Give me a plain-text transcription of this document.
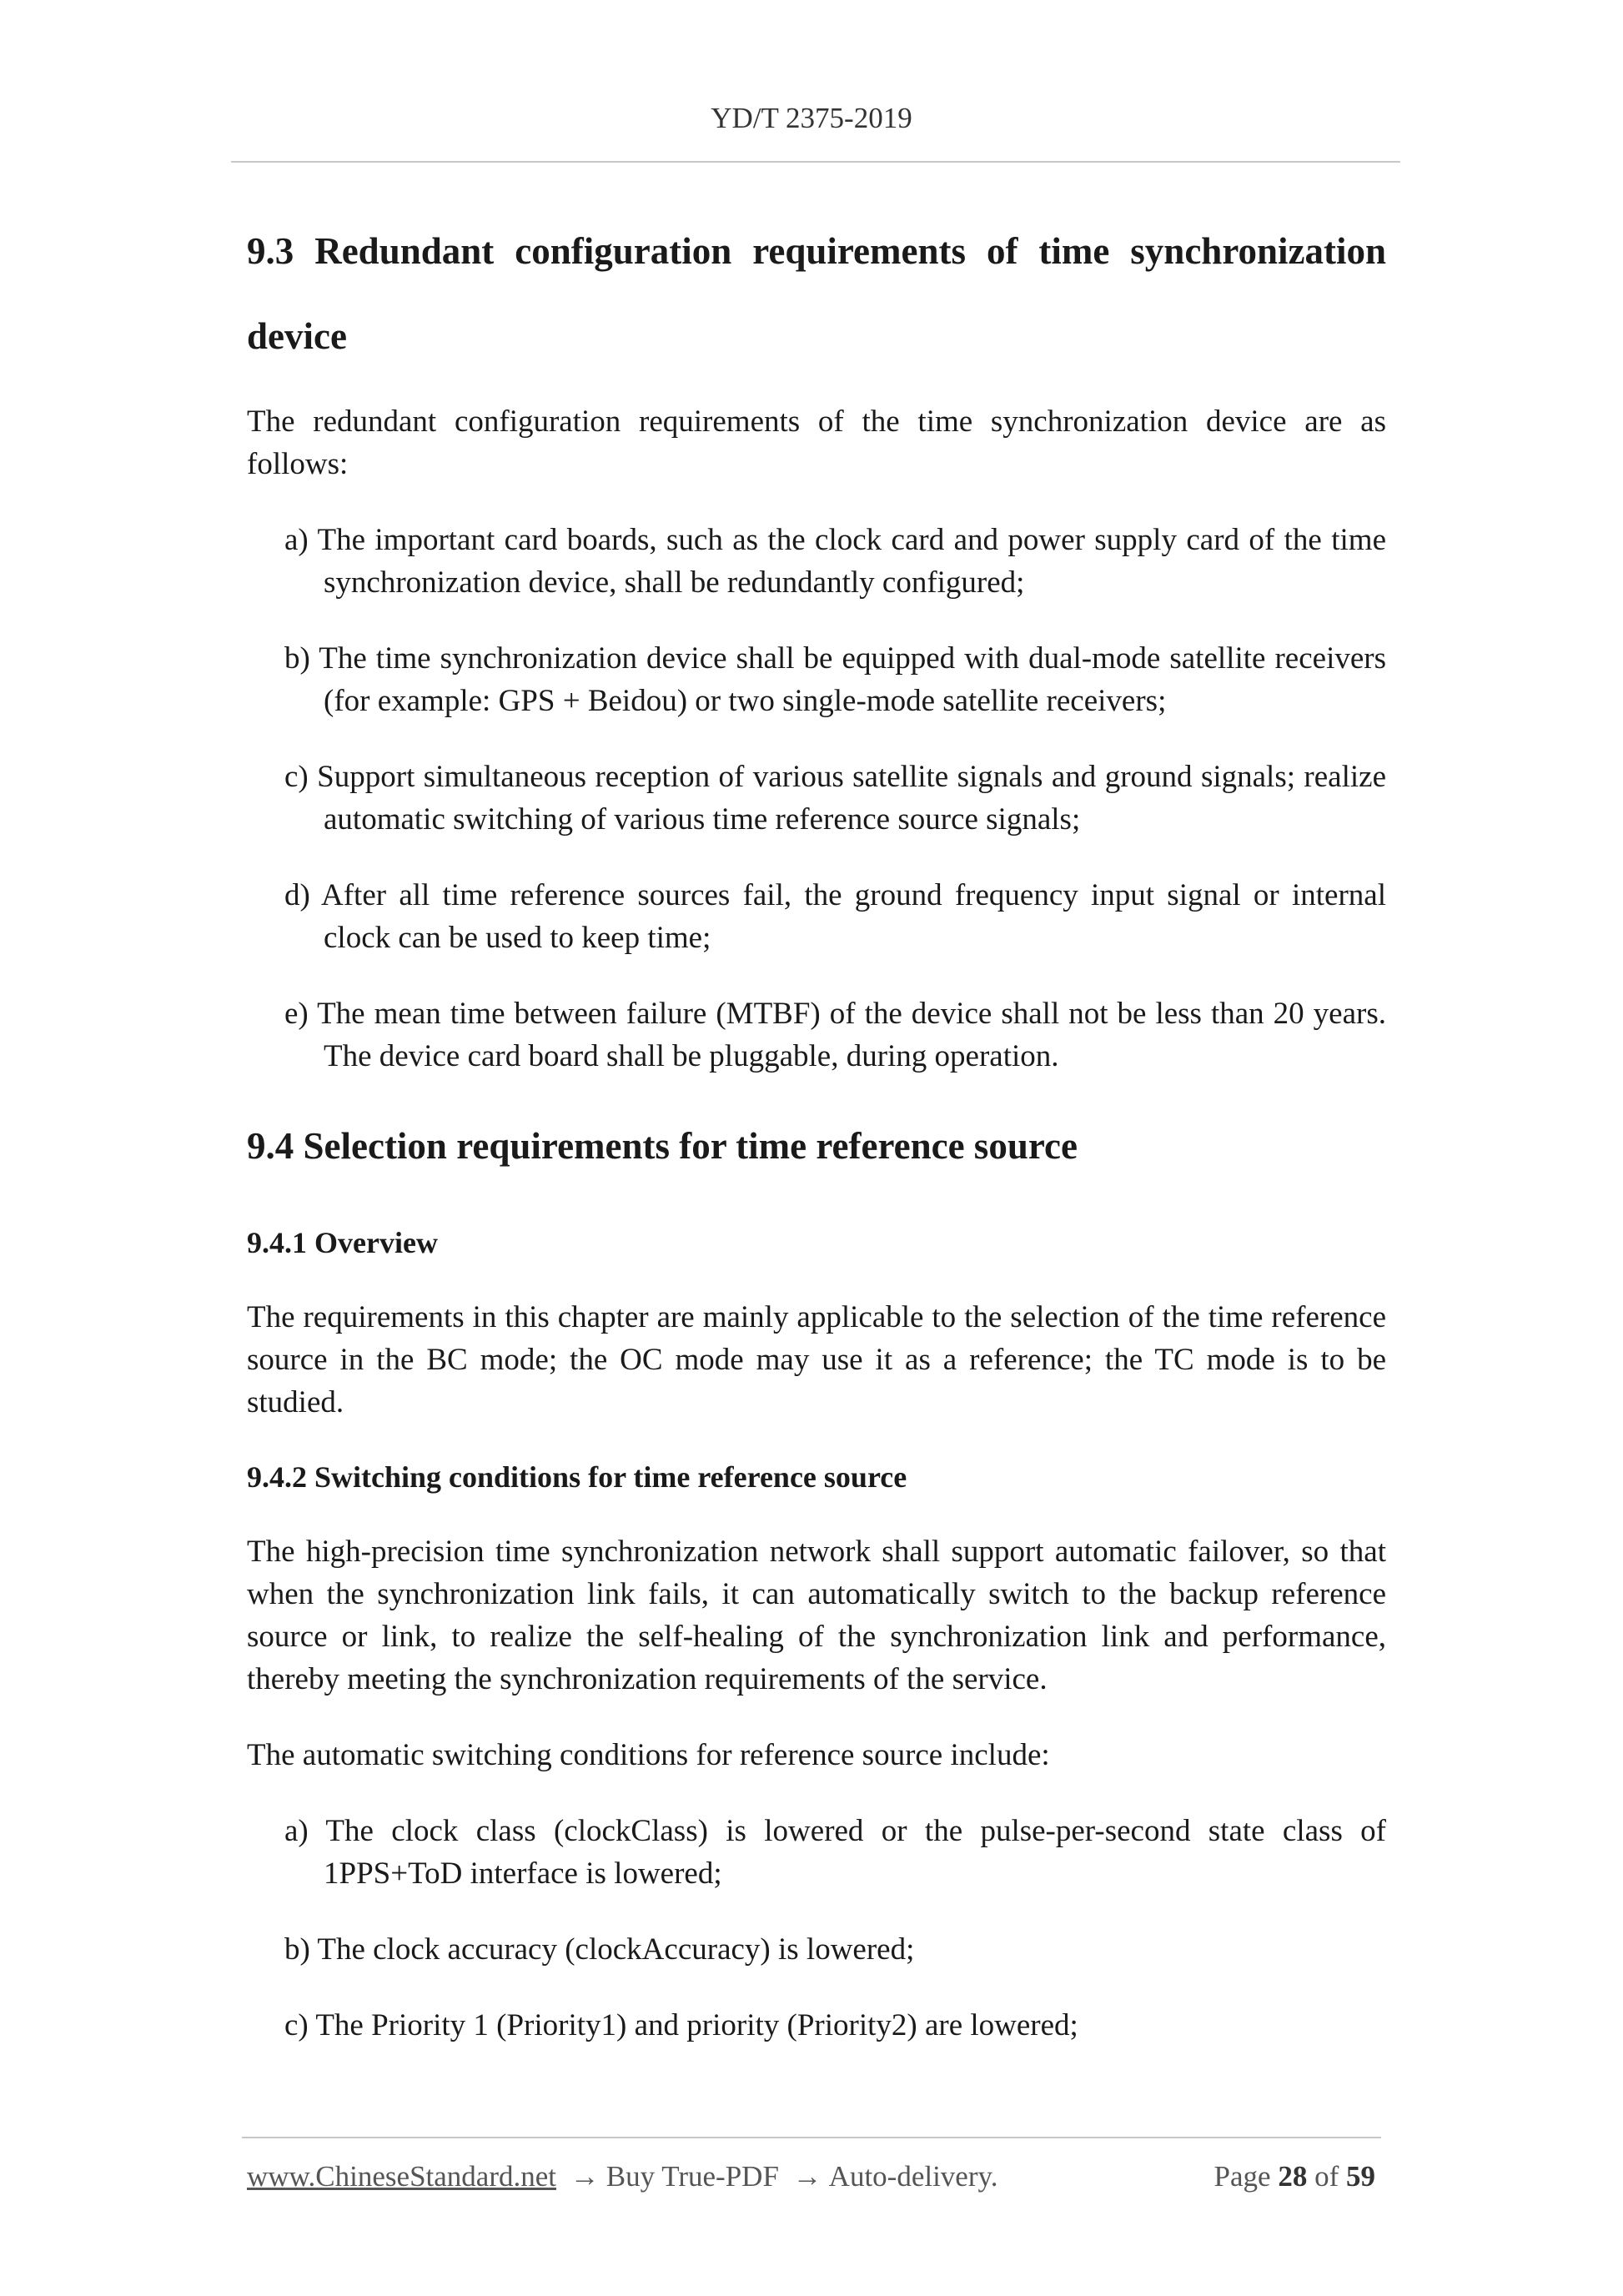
YD/T 2375-2019
9.3 Redundant configuration requirements of time synchronization
device

The redundant configuration requirements of the time synchronization device are as follows:

a) The important card boards, such as the clock card and power supply card of the time synchronization device, shall be redundantly configured;
b) The time synchronization device shall be equipped with dual-mode satellite receivers (for example: GPS + Beidou) or two single-mode satellite receivers;
c) Support simultaneous reception of various satellite signals and ground signals; realize automatic switching of various time reference source signals;
d) After all time reference sources fail, the ground frequency input signal or internal clock can be used to keep time;
e) The mean time between failure (MTBF) of the device shall not be less than 20 years. The device card board shall be pluggable, during operation.
9.4 Selection requirements for time reference source
9.4.1 Overview

The requirements in this chapter are mainly applicable to the selection of the time reference source in the BC mode; the OC mode may use it as a reference; the TC mode is to be studied.

9.4.2 Switching conditions for time reference source

The high-precision time synchronization network shall support automatic failover, so that when the synchronization link fails, it can automatically switch to the backup reference source or link, to realize the self-healing of the synchronization link and performance, thereby meeting the synchronization requirements of the service.

The automatic switching conditions for reference source include:

a) The clock class (clockClass) is lowered or the pulse-per-second state class of 1PPS+ToD interface is lowered;
b) The clock accuracy (clockAccuracy) is lowered;
c) The Priority 1 (Priority1) and priority (Priority2) are lowered;
www.ChineseStandard.net → Buy True-PDF → Auto-delivery.	Page 28 of 59
